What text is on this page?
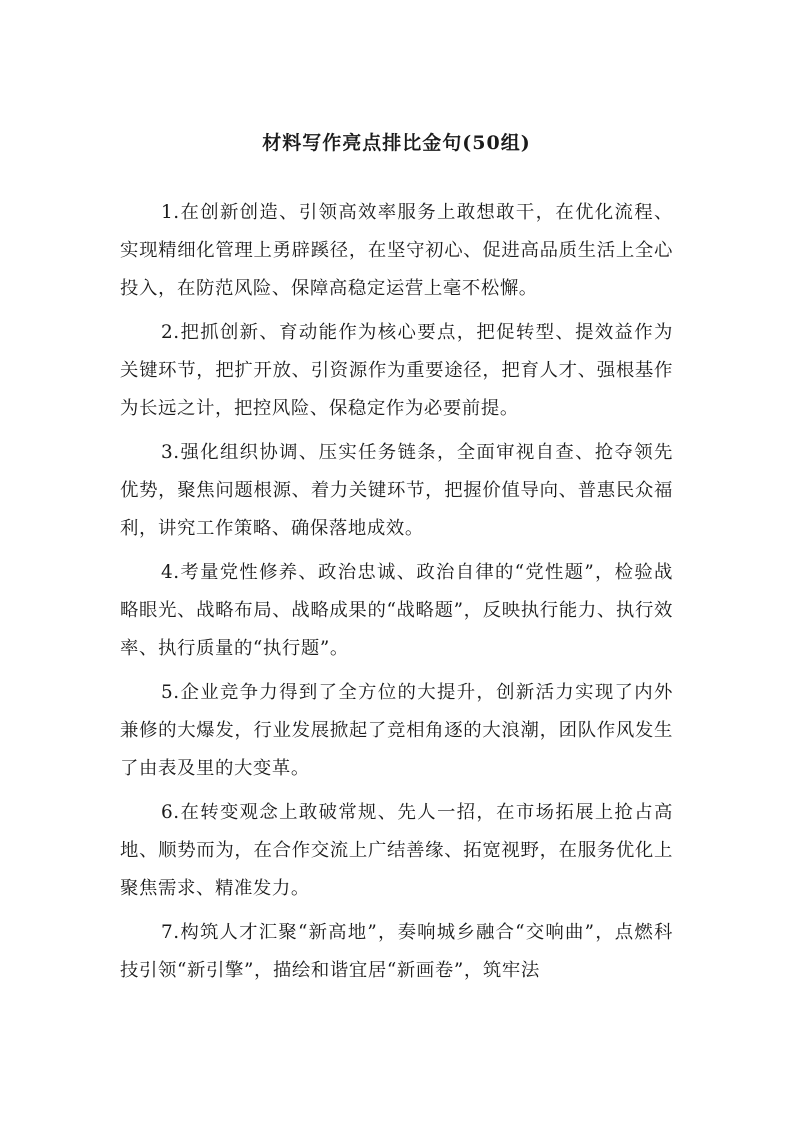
材料写作亮点排比金句(50组)

1.在创新创造、引领高效率服务上敢想敢干，在优化流程、实现精细化管理上勇辟蹊径，在坚守初心、促进高品质生活上全心投入，在防范风险、保障高稳定运营上毫不松懈。

2.把抓创新、育动能作为核心要点，把促转型、提效益作为关键环节，把扩开放、引资源作为重要途径，把育人才、强根基作为长远之计，把控风险、保稳定作为必要前提。

3.强化组织协调、压实任务链条，全面审视自查、抢夺领先优势，聚焦问题根源、着力关键环节，把握价值导向、普惠民众福利，讲究工作策略、确保落地成效。

4.考量党性修养、政治忠诚、政治自律的“党性题”，检验战略眼光、战略布局、战略成果的“战略题”，反映执行能力、执行效率、执行质量的“执行题”。

5.企业竞争力得到了全方位的大提升，创新活力实现了内外兼修的大爆发，行业发展掀起了竞相角逐的大浪潮，团队作风发生了由表及里的大变革。

6.在转变观念上敢破常规、先人一招，在市场拓展上抢占高地、顺势而为，在合作交流上广结善缘、拓宽视野，在服务优化上聚焦需求、精准发力。

7.构筑人才汇聚“新高地”，奏响城乡融合“交响曲”，点燃科技引领“新引擎”，描绘和谐宜居“新画卷”，筑牢法
